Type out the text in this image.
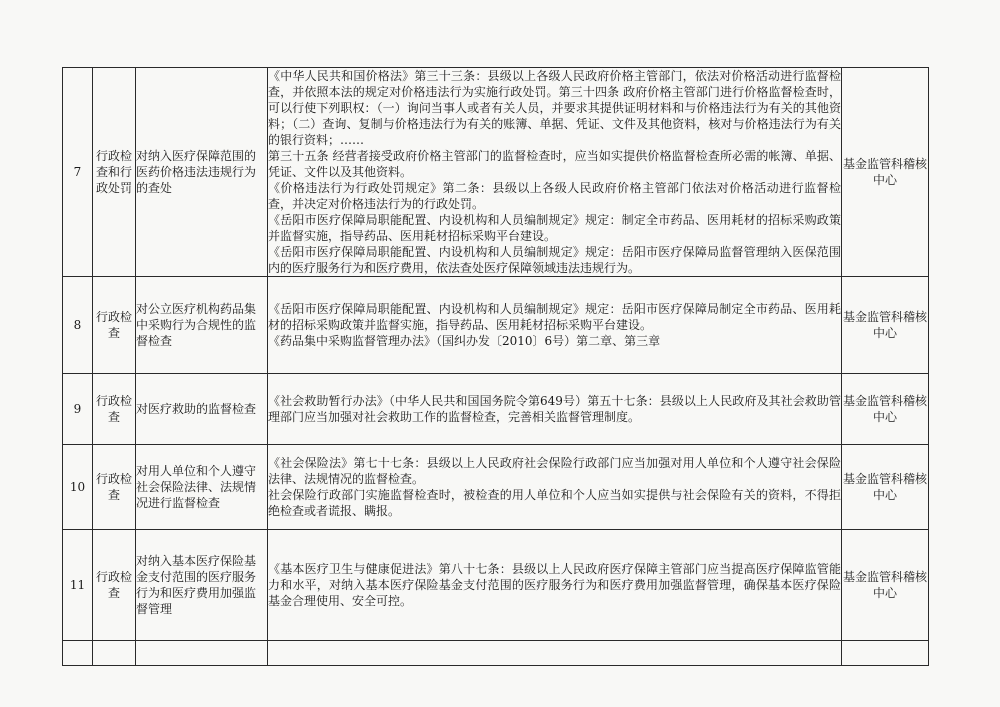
7	行政检查和行政处罚	对纳入医疗保障范围的医药价格违法违规行为的查处	《中华人民共和国价格法》第三十三条：县级以上各级人民政府价格主管部门，依法对价格活动进行监督检查，并依照本法的规定对价格违法行为实施行政处罚。第三十四条 政府价格主管部门进行价格监督检查时，可以行使下列职权：（一）询问当事人或者有关人员，并要求其提供证明材料和与价格违法行为有关的其他资料；（二）查询、复制与价格违法行为有关的账簿、单据、凭证、文件及其他资料，核对与价格违法行为有关的银行资料；……

第三十五条 经营者接受政府价格主管部门的监督检查时，应当如实提供价格监督检查所必需的帐簿、单据、凭证、文件以及其他资料。

《价格违法行为行政处罚规定》第二条：县级以上各级人民政府价格主管部门依法对价格活动进行监督检查，并决定对价格违法行为的行政处罚。

《岳阳市医疗保障局职能配置、内设机构和人员编制规定》规定：制定全市药品、医用耗材的招标采购政策并监督实施，指导药品、医用耗材招标采购平台建设。

《岳阳市医疗保障局职能配置、内设机构和人员编制规定》规定：岳阳市医疗保障局监督管理纳入医保范围内的医疗服务行为和医疗费用，依法查处医疗保障领域违法违规行为。	基金监管科稽核中心
8	行政检查	对公立医疗机构药品集中采购行为合规性的监督检查	《岳阳市医疗保障局职能配置、内设机构和人员编制规定》规定：岳阳市医疗保障局制定全市药品、医用耗材的招标采购政策并监督实施，指导药品、医用耗材招标采购平台建设。

《药品集中采购监督管理办法》（国纠办发〔2010〕6号）第二章、第三章	基金监管科稽核中心
9	行政检查	对医疗救助的监督检查	《社会救助暂行办法》（中华人民共和国国务院令第649号）第五十七条：县级以上人民政府及其社会救助管理部门应当加强对社会救助工作的监督检查，完善相关监督管理制度。	基金监管科稽核中心
10	行政检查	对用人单位和个人遵守社会保险法律、法规情况进行监督检查	《社会保险法》第七十七条：县级以上人民政府社会保险行政部门应当加强对用人单位和个人遵守社会保险法律、法规情况的监督检查。

社会保险行政部门实施监督检查时，被检查的用人单位和个人应当如实提供与社会保险有关的资料，不得拒绝检查或者谎报、瞒报。	基金监管科稽核中心
11	行政检查	对纳入基本医疗保险基金支付范围的医疗服务行为和医疗费用加强监督管理	《基本医疗卫生与健康促进法》第八十七条：县级以上人民政府医疗保障主管部门应当提高医疗保障监管能力和水平，对纳入基本医疗保险基金支付范围的医疗服务行为和医疗费用加强监督管理，确保基本医疗保险基金合理使用、安全可控。	基金监管科稽核中心
